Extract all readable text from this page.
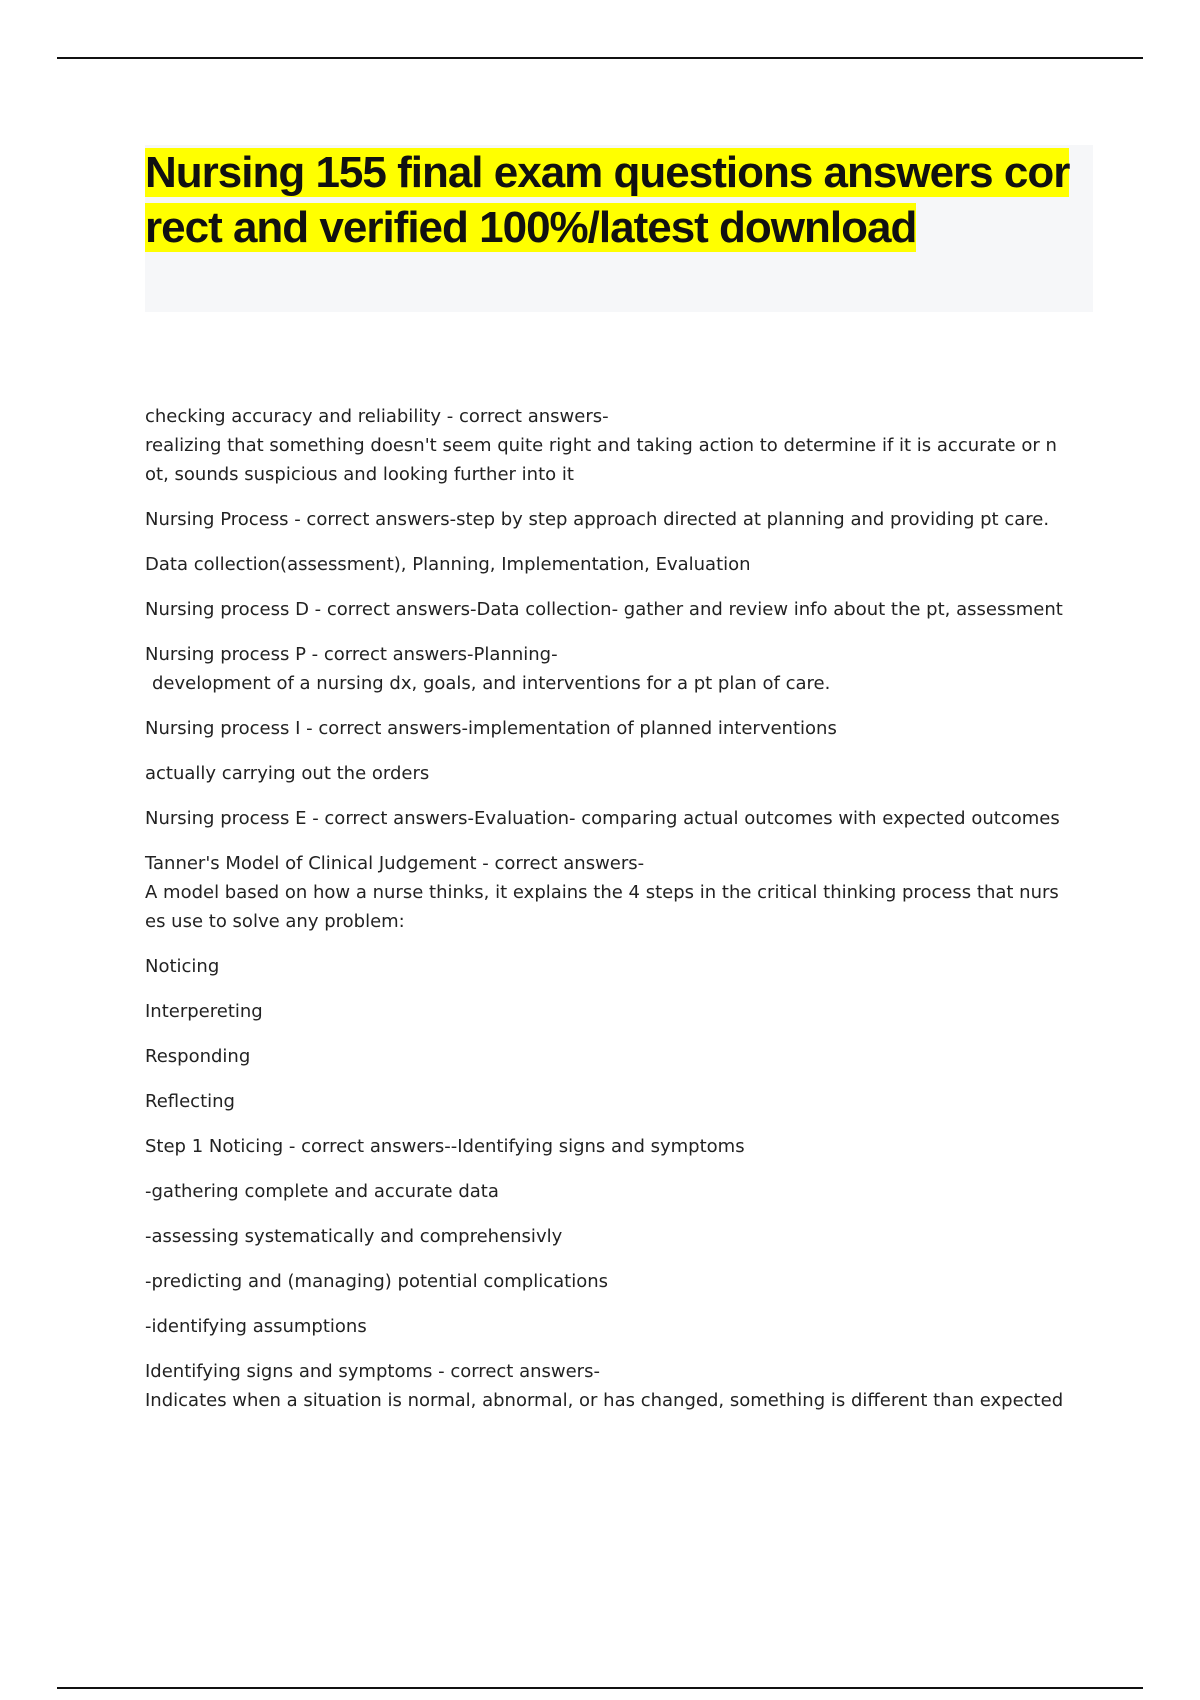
Nursing 155 final exam questions answers correct and verified 100%/latest download
checking accuracy and reliability - correct answers-
realizing that something doesn't seem quite right and taking action to determine if it is accurate or n
ot, sounds suspicious and looking further into it
Nursing Process - correct answers-step by step approach directed at planning and providing pt care.
Data collection(assessment), Planning, Implementation, Evaluation
Nursing process D - correct answers-Data collection- gather and review info about the pt, assessment
Nursing process P - correct answers-Planning-
development of a nursing dx, goals, and interventions for a pt plan of care.
Nursing process I - correct answers-implementation of planned interventions
actually carrying out the orders
Nursing process E - correct answers-Evaluation- comparing actual outcomes with expected outcomes
Tanner's Model of Clinical Judgement - correct answers-
A model based on how a nurse thinks, it explains the 4 steps in the critical thinking process that nurs
es use to solve any problem:
Noticing
Interpereting
Responding
Reflecting
Step 1 Noticing - correct answers--Identifying signs and symptoms
-gathering complete and accurate data
-assessing systematically and comprehensivly
-predicting and (managing) potential complications
-identifying assumptions
Identifying signs and symptoms - correct answers-
Indicates when a situation is normal, abnormal, or has changed, something is different than expected
